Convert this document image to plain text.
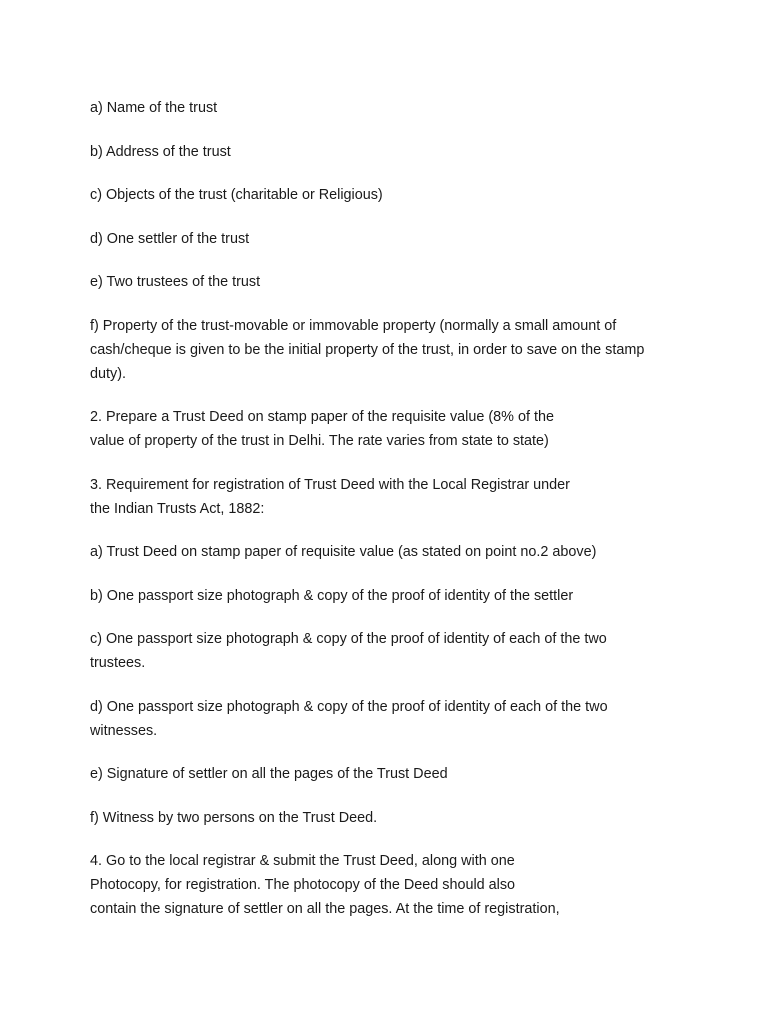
a) Name of the trust

b) Address of the trust

c) Objects of the trust (charitable or Religious)

d) One settler of the trust

e) Two trustees of the trust

f) Property of the trust-movable or immovable property (normally a small amount of
cash/cheque is given to be the initial property of the trust, in order to save on the stamp
duty).

2. Prepare a Trust Deed on stamp paper of the requisite value (8% of the
value of property of the trust in Delhi. The rate varies from state to state)

3. Requirement for registration of Trust Deed with the Local Registrar under
the Indian Trusts Act, 1882:

a) Trust Deed on stamp paper of requisite value (as stated on point no.2 above)

b) One passport size photograph & copy of the proof of identity of the settler

c) One passport size photograph & copy of the proof of identity of each of the two
trustees.

d) One passport size photograph & copy of the proof of identity of each of the two
witnesses.

e) Signature of settler on all the pages of the Trust Deed

f) Witness by two persons on the Trust Deed.

4. Go to the local registrar & submit the Trust Deed, along with one
Photocopy, for registration. The photocopy of the Deed should also
contain the signature of settler on all the pages. At the time of registration,
